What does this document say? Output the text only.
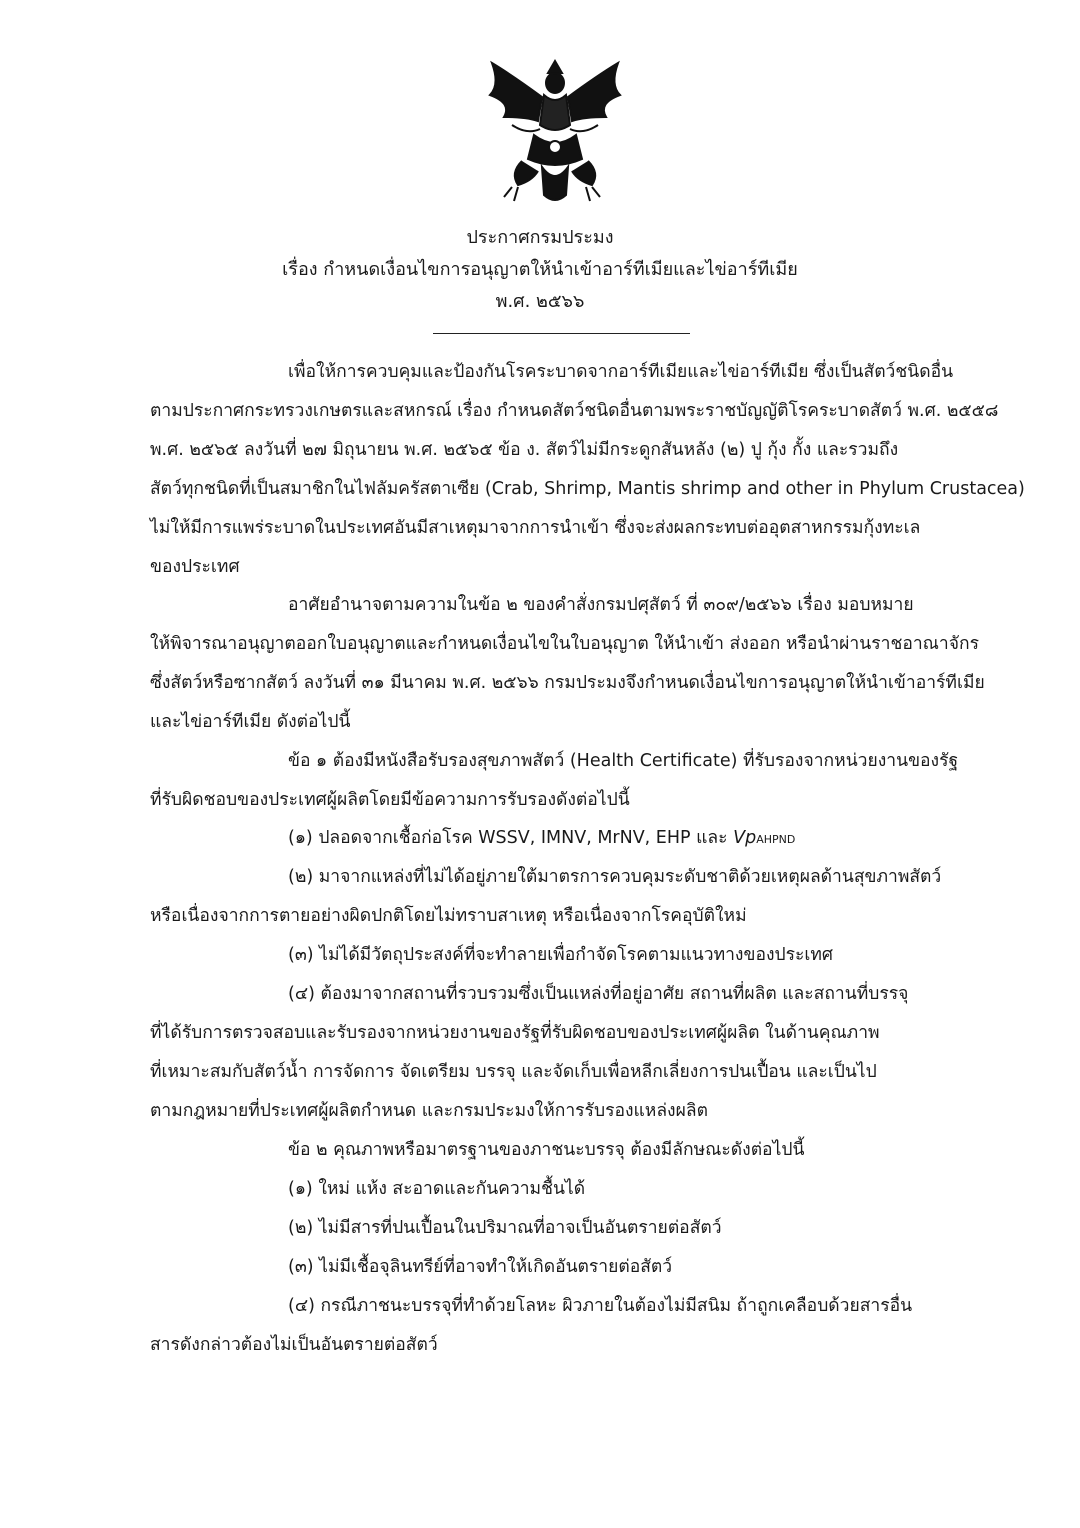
ประกาศกรมประมง
เรื่อง กำหนดเงื่อนไขการอนุญาตให้นำเข้าอาร์ทีเมียและไข่อาร์ทีเมีย
พ.ศ. ๒๕๖๖
เพื่อให้การควบคุมและป้องกันโรคระบาดจากอาร์ทีเมียและไข่อาร์ทีเมีย ซึ่งเป็นสัตว์ชนิดอื่น
ตามประกาศกระทรวงเกษตรและสหกรณ์ เรื่อง กำหนดสัตว์ชนิดอื่นตามพระราชบัญญัติโรคระบาดสัตว์ พ.ศ. ๒๕๕๘
พ.ศ. ๒๕๖๕ ลงวันที่ ๒๗ มิถุนายน พ.ศ. ๒๕๖๕ ข้อ ง. สัตว์ไม่มีกระดูกสันหลัง (๒) ปู กุ้ง กั้ง และรวมถึง
สัตว์ทุกชนิดที่เป็นสมาชิกในไฟลัมครัสตาเซีย (Crab, Shrimp, Mantis shrimp and other in Phylum Crustacea)
ไม่ให้มีการแพร่ระบาดในประเทศอันมีสาเหตุมาจากการนำเข้า ซึ่งจะส่งผลกระทบต่ออุตสาหกรรมกุ้งทะเล
ของประเทศ
อาศัยอำนาจตามความในข้อ ๒ ของคำสั่งกรมปศุสัตว์ ที่ ๓๐๙/๒๕๖๖ เรื่อง มอบหมาย
ให้พิจารณาอนุญาตออกใบอนุญาตและกำหนดเงื่อนไขในใบอนุญาต ให้นำเข้า ส่งออก หรือนำผ่านราชอาณาจักร
ซึ่งสัตว์หรือซากสัตว์ ลงวันที่ ๓๑ มีนาคม พ.ศ. ๒๕๖๖ กรมประมงจึงกำหนดเงื่อนไขการอนุญาตให้นำเข้าอาร์ทีเมีย
และไข่อาร์ทีเมีย ดังต่อไปนี้
ข้อ ๑ ต้องมีหนังสือรับรองสุขภาพสัตว์ (Health Certificate) ที่รับรองจากหน่วยงานของรัฐ
ที่รับผิดชอบของประเทศผู้ผลิตโดยมีข้อความการรับรองดังต่อไปนี้
(๑) ปลอดจากเชื้อก่อโรค WSSV, IMNV, MrNV, EHP และ VpAHPND
(๒) มาจากแหล่งที่ไม่ได้อยู่ภายใต้มาตรการควบคุมระดับชาติด้วยเหตุผลด้านสุขภาพสัตว์
หรือเนื่องจากการตายอย่างผิดปกติโดยไม่ทราบสาเหตุ หรือเนื่องจากโรคอุบัติใหม่
(๓) ไม่ได้มีวัตถุประสงค์ที่จะทำลายเพื่อกำจัดโรคตามแนวทางของประเทศ
(๔) ต้องมาจากสถานที่รวบรวมซึ่งเป็นแหล่งที่อยู่อาศัย สถานที่ผลิต และสถานที่บรรจุ
ที่ได้รับการตรวจสอบและรับรองจากหน่วยงานของรัฐที่รับผิดชอบของประเทศผู้ผลิต ในด้านคุณภาพ
ที่เหมาะสมกับสัตว์น้ำ การจัดการ จัดเตรียม บรรจุ และจัดเก็บเพื่อหลีกเลี่ยงการปนเปื้อน และเป็นไป
ตามกฎหมายที่ประเทศผู้ผลิตกำหนด และกรมประมงให้การรับรองแหล่งผลิต
ข้อ ๒ คุณภาพหรือมาตรฐานของภาชนะบรรจุ ต้องมีลักษณะดังต่อไปนี้
(๑) ใหม่ แห้ง สะอาดและกันความชื้นได้
(๒) ไม่มีสารที่ปนเปื้อนในปริมาณที่อาจเป็นอันตรายต่อสัตว์
(๓) ไม่มีเชื้อจุลินทรีย์ที่อาจทำให้เกิดอันตรายต่อสัตว์
(๔) กรณีภาชนะบรรจุที่ทำด้วยโลหะ ผิวภายในต้องไม่มีสนิม ถ้าถูกเคลือบด้วยสารอื่น
สารดังกล่าวต้องไม่เป็นอันตรายต่อสัตว์
